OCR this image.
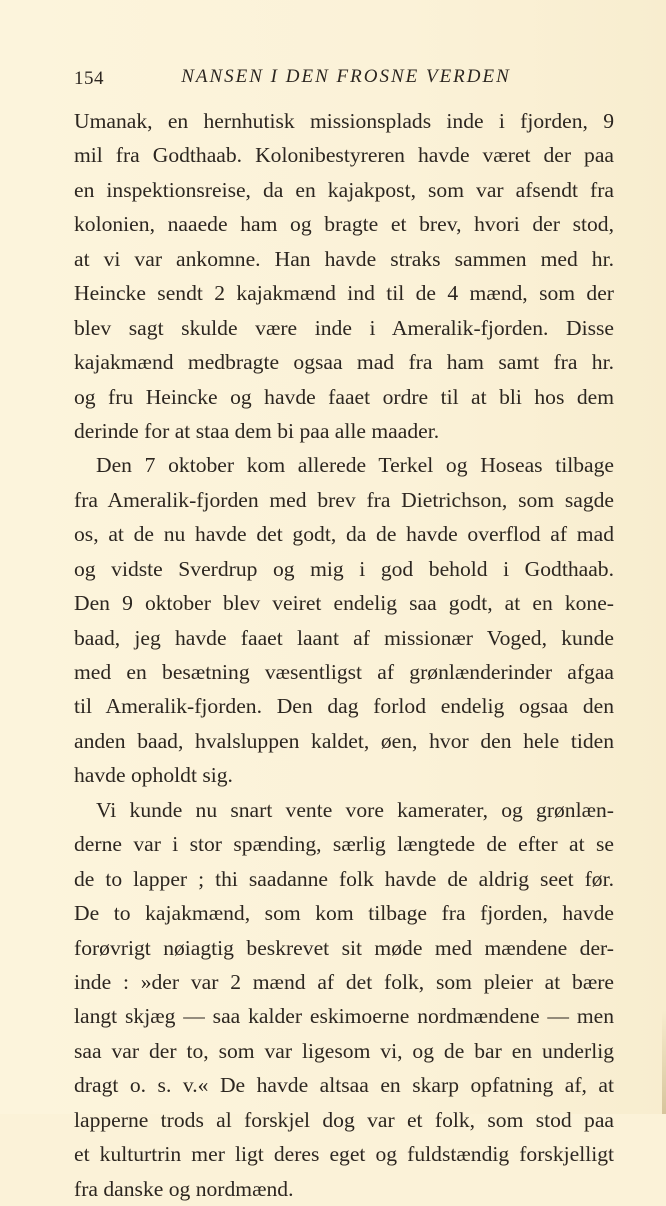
154	NANSEN I DEN FROSNE VERDEN
Umanak, en hernhutisk missionsplads inde i fjorden, 9
mil fra Godthaab. Kolonibestyreren havde været der paa
en inspektionsreise, da en kajakpost, som var afsendt fra
kolonien, naaede ham og bragte et brev, hvori der stod,
at vi var ankomne. Han havde straks sammen med hr.
Heincke sendt 2 kajakmænd ind til de 4 mænd, som der
blev sagt skulde være inde i Ameralik-fjorden. Disse
kajakmænd medbragte ogsaa mad fra ham samt fra hr.
og fru Heincke og havde faaet ordre til at bli hos dem
derinde for at staa dem bi paa alle maader.
Den 7 oktober kom allerede Terkel og Hoseas tilbage
fra Ameralik-fjorden med brev fra Dietrichson, som sagde
os, at de nu havde det godt, da de havde overflod af mad
og vidste Sverdrup og mig i god behold i Godthaab.
Den 9 oktober blev veiret endelig saa godt, at en kone-
baad, jeg havde faaet laant af missionær Voged, kunde
med en besætning væsentligst af grønlænderinder afgaa
til Ameralik-fjorden. Den dag forlod endelig ogsaa den
anden baad, hvalsluppen kaldet, øen, hvor den hele tiden
havde opholdt sig.
Vi kunde nu snart vente vore kamerater, og grønlæn-
derne var i stor spænding, særlig længtede de efter at se
de to lapper ; thi saadanne folk havde de aldrig seet før.
De to kajakmænd, som kom tilbage fra fjorden, havde
forøvrigt nøiagtig beskrevet sit møde med mændene der-
inde : »der var 2 mænd af det folk, som pleier at bære
langt skjæg — saa kalder eskimoerne nordmændene — men
saa var der to, som var ligesom vi, og de bar en underlig
dragt o. s. v.« De havde altsaa en skarp opfatning af, at
lapperne trods al forskjel dog var et folk, som stod paa
et kulturtrin mer ligt deres eget og fuldstændig forskjelligt
fra danske og nordmænd.
